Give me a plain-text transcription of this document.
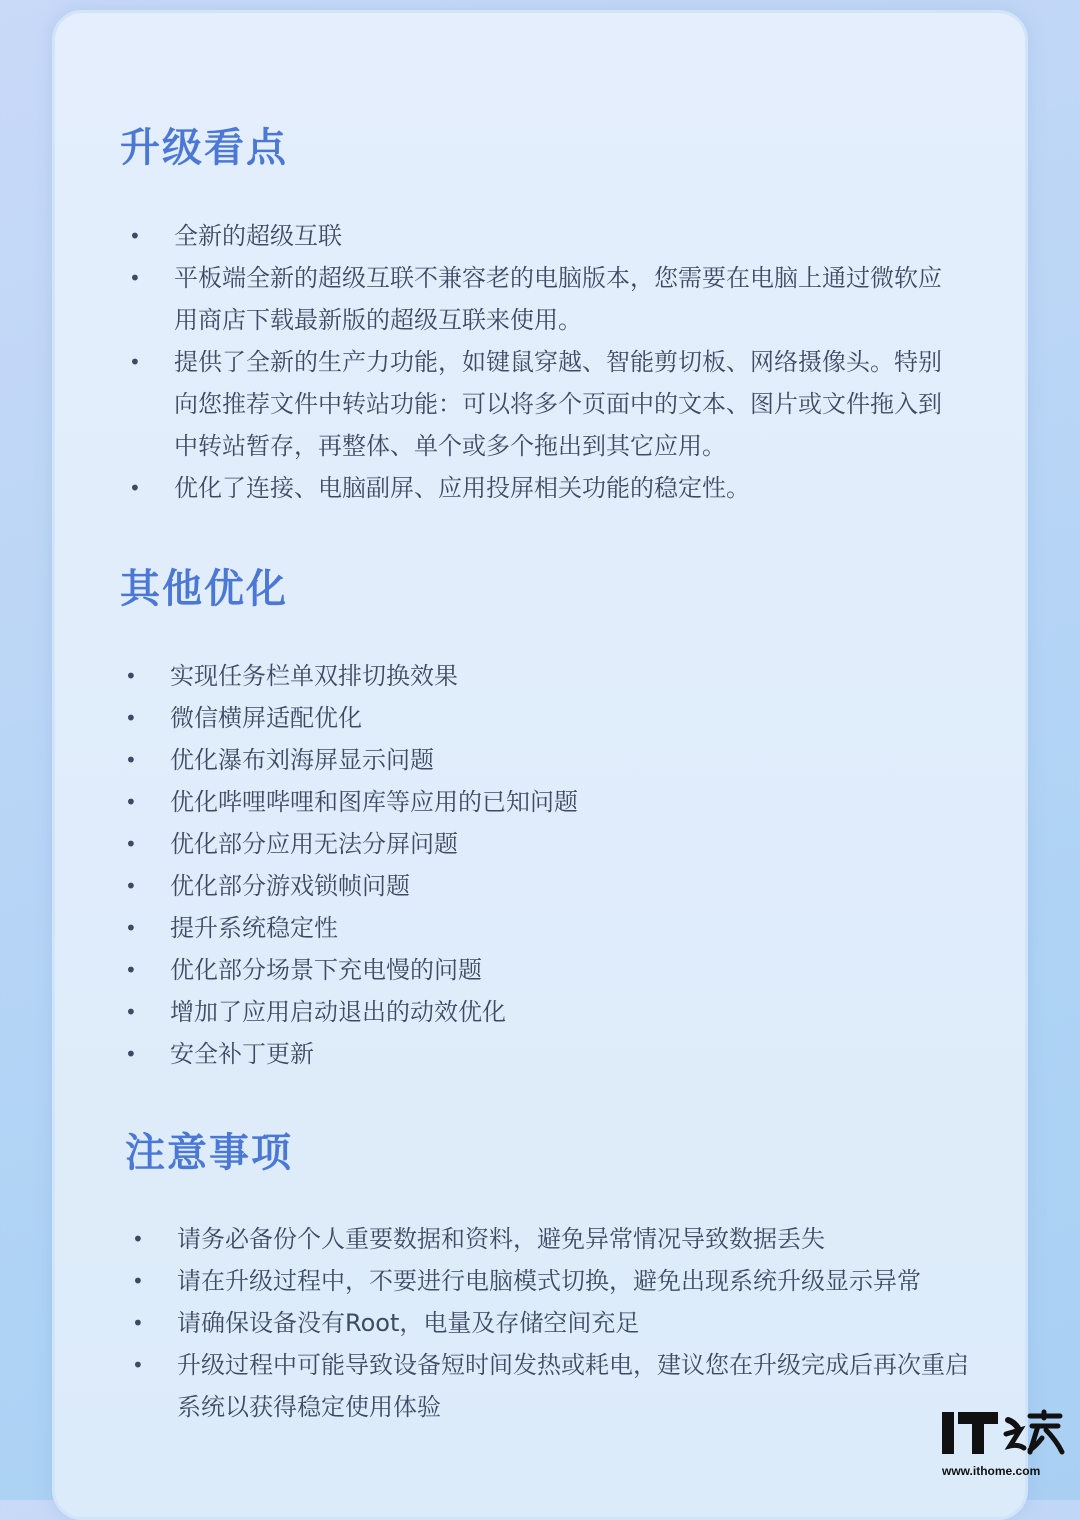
升级看点
• 全新的超级互联
• 平板端全新的超级互联不兼容老的电脑版本，您需要在电脑上通过微软应用商店下载最新版的超级互联来使用。
• 提供了全新的生产力功能，如键鼠穿越、智能剪切板、网络摄像头。特别向您推荐文件中转站功能：可以将多个页面中的文本、图片或文件拖入到中转站暂存，再整体、单个或多个拖出到其它应用。
• 优化了连接、电脑副屏、应用投屏相关功能的稳定性。
其他优化
• 实现任务栏单双排切换效果
• 微信横屏适配优化
• 优化瀑布刘海屏显示问题
• 优化哔哩哔哩和图库等应用的已知问题
• 优化部分应用无法分屏问题
• 优化部分游戏锁帧问题
• 提升系统稳定性
• 优化部分场景下充电慢的问题
• 增加了应用启动退出的动效优化
• 安全补丁更新
注意事项
• 请务必备份个人重要数据和资料，避免异常情况导致数据丢失
• 请在升级过程中，不要进行电脑模式切换，避免出现系统升级显示异常
• 请确保设备没有Root，电量及存储空间充足
• 升级过程中可能导致设备短时间发热或耗电，建议您在升级完成后再次重启系统以获得稳定使用体验
www.ithome.com
